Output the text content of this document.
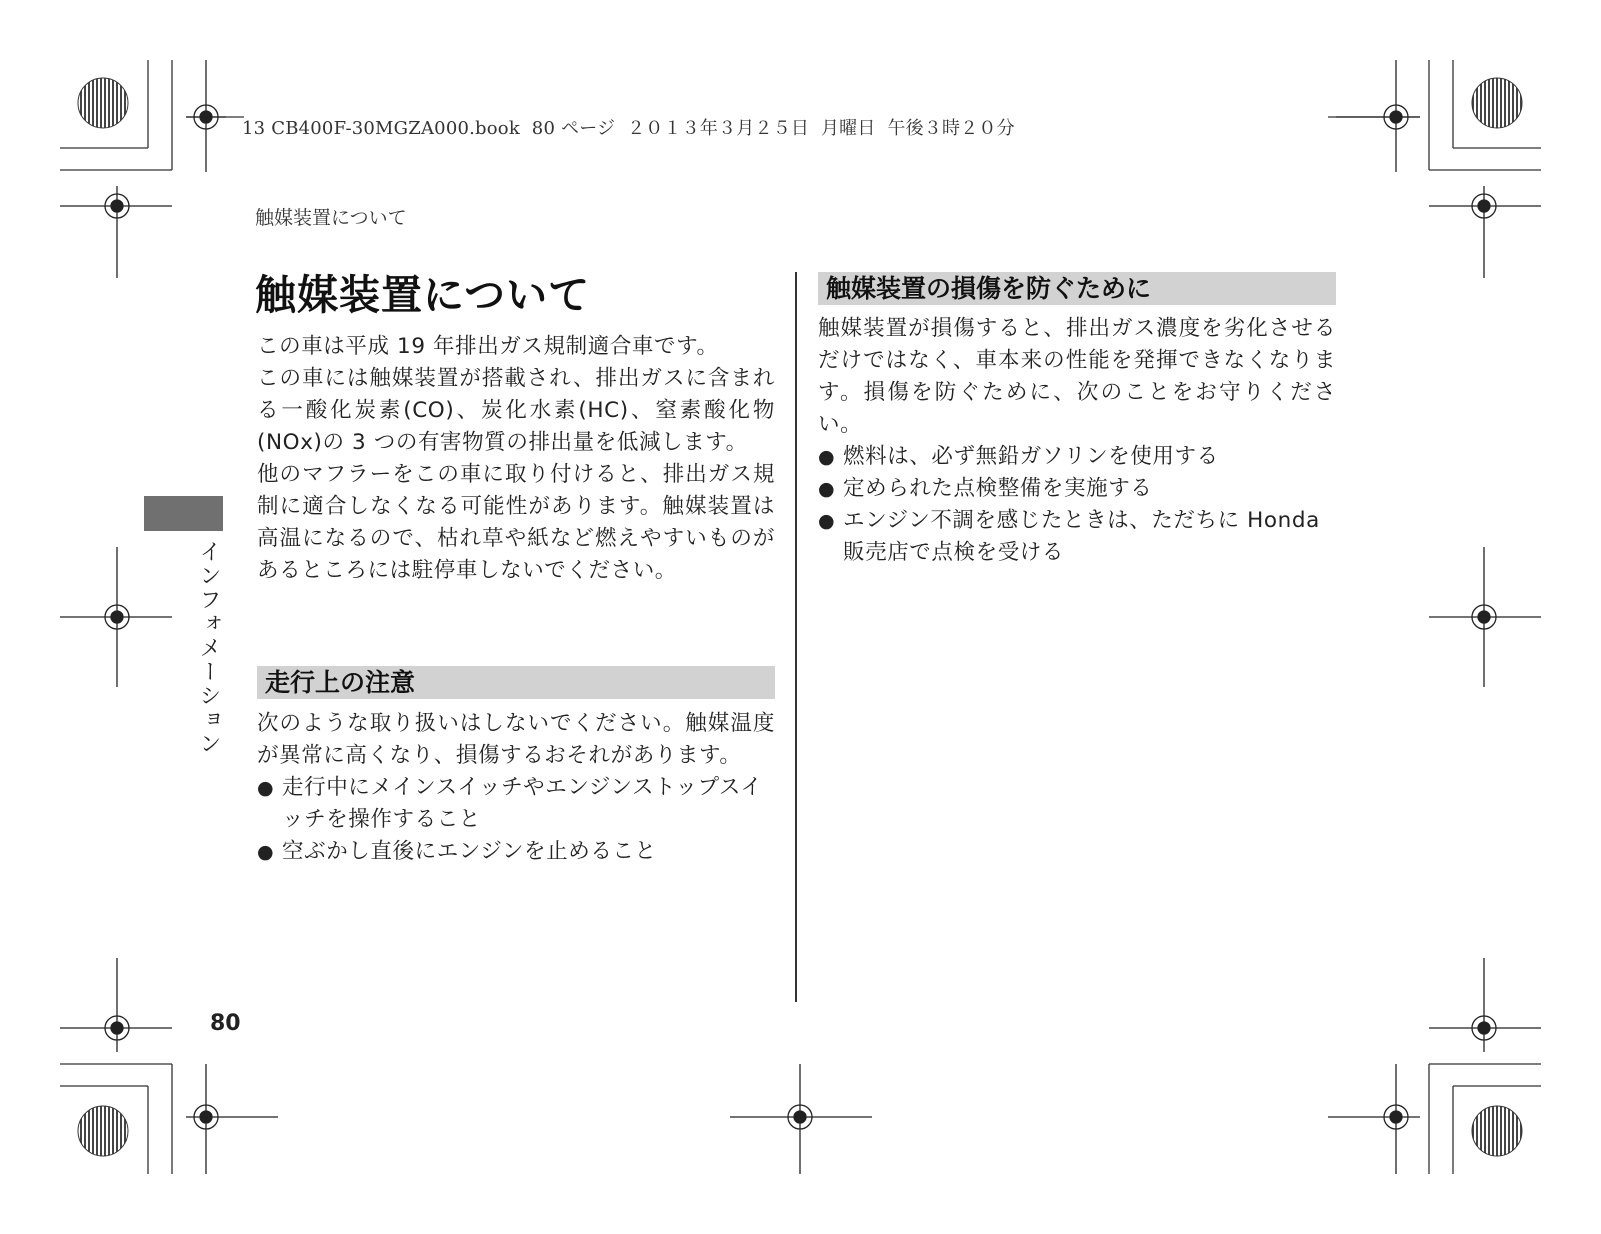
13 CB400F-30MGZA000.book  80 ページ  ２０１３年３月２５日  月曜日  午後３時２０分
触媒装置について
触媒装置について

この車は平成 19 年排出ガス規制適合車です。

この車には触媒装置が搭載され、排出ガスに含まれる一酸化炭素(CO)、炭化水素(HC)、窒素酸化物(NOx)の 3 つの有害物質の排出量を低減します。

他のマフラーをこの車に取り付けると、排出ガス規制に適合しなくなる可能性があります。触媒装置は高温になるので、枯れ草や紙など燃えやすいものがあるところには駐停車しないでください。

走行上の注意

次のような取り扱いはしないでください。触媒温度が異常に高くなり、損傷するおそれがあります。

● 走行中にメインスイッチやエンジンストップスイッチを操作すること
● 空ぶかし直後にエンジンを止めること
触媒装置の損傷を防ぐために

触媒装置が損傷すると、排出ガス濃度を劣化させるだけではなく、車本来の性能を発揮できなくなります。損傷を防ぐために、次のことをお守りください。

● 燃料は、必ず無鉛ガソリンを使用する
● 定められた点検整備を実施する
● エンジン不調を感じたときは、ただちに Honda 販売店で点検を受ける
インフォメーション
80
